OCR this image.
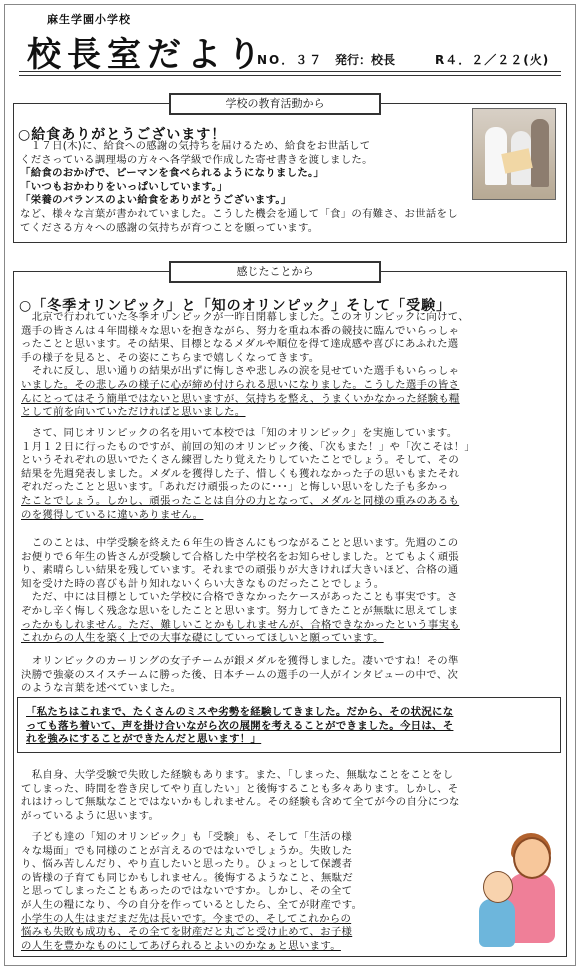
麻生学園小学校
校長室だより
NO．３７ 発行：校長	R４．２／２２(火)
○給食ありがとうございます！
　１７日(木)に、給食への感謝の気持ちを届けるため、給食をお世話して
くださっている調理場の方々へ各学級で作成した寄せ書きを渡しました。
「給食のおかげで、ピーマンを食べられるようになりました。」
「いつもおかわりをいっぱいしています。」
「栄養のバランスのよい給食をありがとうございます。」
など、様々な言葉が書かれていました。こうした機会を通して「食」の有難さ、お世話をし
てくださる方々への感謝の気持ちが育つことを願っています。
学校の教育活動から
感じたことから
○「冬季オリンピック」と「知のオリンピック」そして「受験」
　北京で行われていた冬季オリンピックが一昨日閉幕しました。このオリンピックに向けて、
選手の皆さんは４年間様々な思いを抱きながら、努力を重ね本番の競技に臨んでいらっしゃ
ったことと思います。その結果、目標となるメダルや順位を得て達成感や喜びにあふれた選
手の様子を見ると、その姿にこちらまで嬉しくなってきます。
　それに反し、思い通りの結果が出ずに悔しさや悲しみの涙を見せていた選手もいらっしゃ
いました。その悲しみの様子に心が締め付けられる思いになりました。こうした選手の皆さ
んにとってはそう簡単ではないと思いますが、気持ちを整え、うまくいかなかった経験も糧
として前を向いていただければと思いました。
　さて、同じオリンピックの名を用いて本校では「知のオリンピック」を実施しています。
１月１２日に行ったものですが、前回の知のオリンピック後、「次もまた！」や「次こそは！」
というそれぞれの思いでたくさん練習したり覚えたりしていたことでしょう。そして、その
結果を先週発表しました。メダルを獲得した子、惜しくも獲れなかった子の思いもまたそれ
ぞれだったことと思います。「あれだけ頑張ったのに･･･」と悔しい思いをした子も多かっ
たことでしょう。しかし、頑張ったことは自分の力となって、メダルと同様の重みのあるも
のを獲得しているに違いありません。
　このことは、中学受験を終えた６年生の皆さんにもつながることと思います。先週のこの
お便りで６年生の皆さんが受験して合格した中学校名をお知らせしました。とてもよく頑張
り、素晴らしい結果を残しています。それまでの頑張りが大きければ大きいほど、合格の通
知を受けた時の喜びも計り知れないくらい大きなものだったことでしょう。
　ただ、中には目標としていた学校に合格できなかったケースがあったことも事実です。さ
ぞかし辛く悔しく残念な思いをしたことと思います。努力してきたことが無駄に思えてしま
ったかもしれません。ただ、難しいことかもしれませんが、合格できなかったという事実も
これからの人生を築く上での大事な礎にしていってほしいと願っています。
　オリンピックのカーリングの女子チームが銀メダルを獲得しました。凄いですね！その準
決勝で強豪のスイスチームに勝った後、日本チームの選手の一人がインタビューの中で、次
のような言葉を述べていました。
「私たちはこれまで、たくさんのミスや劣勢を経験してきました。だから、その状況にな
っても落ち着いて、声を掛け合いながら次の展開を考えることができました。今日は、そ
れを強みにすることができたんだと思います！」
　私自身、大学受験で失敗した経験もあります。また、「しまった、無駄なことをことをし
てしまった、時間を巻き戻してやり直したい」と後悔することも多々あります。しかし、そ
れはけっして無駄なことではないかもしれません。その経験も含めて全てが今の自分につな
がっているように思います。
　子ども達の「知のオリンピック」も「受験」も、そして「生活の様
々な場面」でも同様のことが言えるのではないでしょうか。失敗した
り、悩み苦しんだり、やり直したいと思ったり。ひょっとして保護者
の皆様の子育ても同じかもしれません。後悔するようなこと、無駄だ
と思ってしまったこともあったのではないですか。しかし、その全て
が人生の糧になり、今の自分を作っているとしたら、全てが財産です。
小学生の人生はまだまだ先は長いです。今までの、そしてこれからの
悩みも失敗も成功も、その全てを財産だと丸ごと受け止めて、お子様
の人生を豊かなものにしてあげられるとよいのかなぁと思います。
